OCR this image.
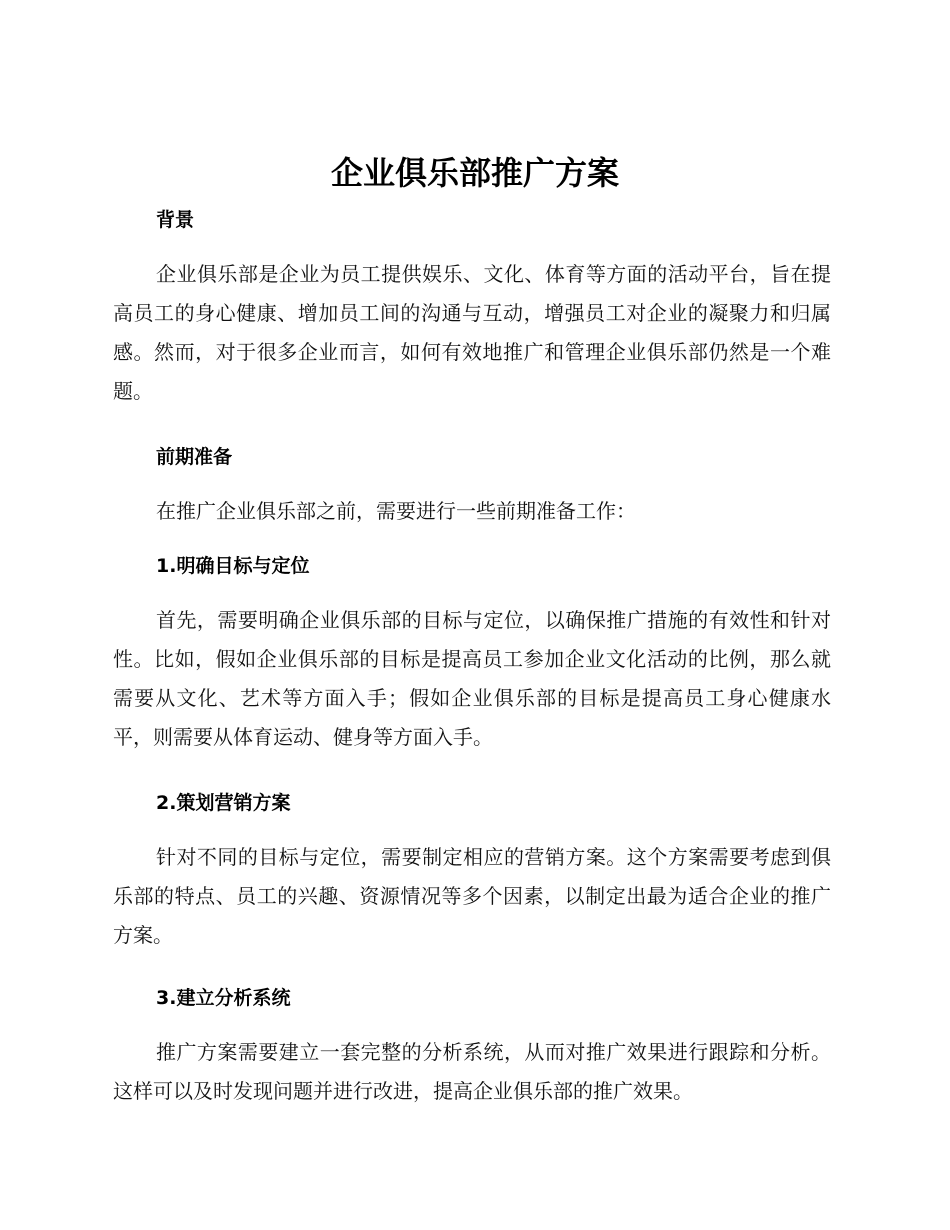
企业俱乐部推广方案
背景

企业俱乐部是企业为员工提供娱乐、文化、体育等方面的活动平台，旨在提高员工的身心健康、增加员工间的沟通与互动，增强员工对企业的凝聚力和归属感。然而，对于很多企业而言，如何有效地推广和管理企业俱乐部仍然是一个难题。

前期准备

在推广企业俱乐部之前，需要进行一些前期准备工作：

1.明确目标与定位

首先，需要明确企业俱乐部的目标与定位，以确保推广措施的有效性和针对性。比如，假如企业俱乐部的目标是提高员工参加企业文化活动的比例，那么就需要从文化、艺术等方面入手；假如企业俱乐部的目标是提高员工身心健康水平，则需要从体育运动、健身等方面入手。

2.策划营销方案

针对不同的目标与定位，需要制定相应的营销方案。这个方案需要考虑到俱乐部的特点、员工的兴趣、资源情况等多个因素，以制定出最为适合企业的推广方案。

3.建立分析系统

推广方案需要建立一套完整的分析系统，从而对推广效果进行跟踪和分析。这样可以及时发现问题并进行改进，提高企业俱乐部的推广效果。
